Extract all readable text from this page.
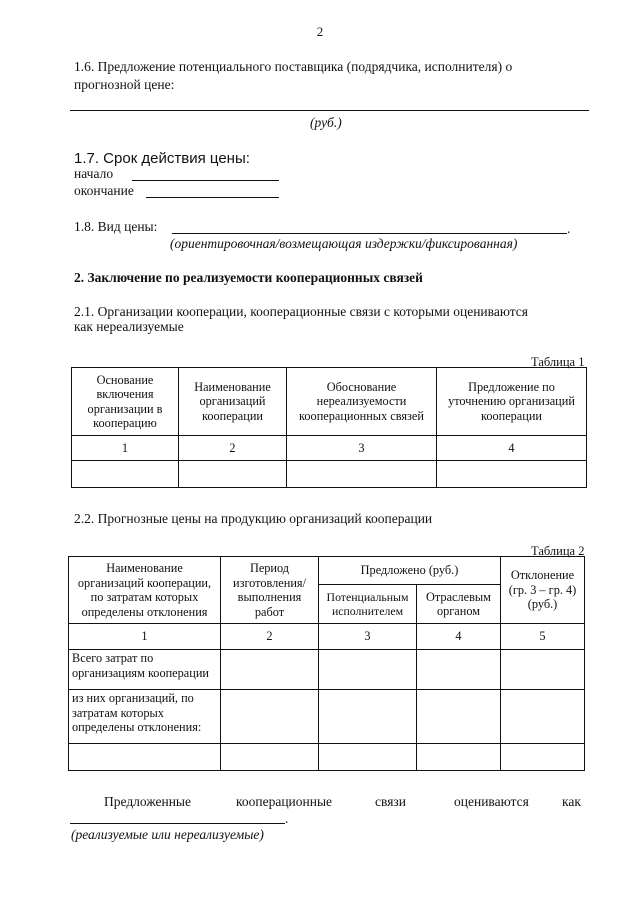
2
1.6. Предложение потенциального поставщика (подрядчика, исполнителя) о
прогнозной цене:
(руб.)
1.7. Срок действия цены:
начало
окончание
1.8. Вид цены:	.
(ориентировочная/возмещающая издержки/фиксированная)
2. Заключение по реализуемости кооперационных связей
2.1. Организации кооперации, кооперационные связи с которыми оцениваются
как нереализуемые
Таблица 1
Основание включения организации в кооперацию	Наименование организаций кооперации	Обоснование нереализуемости кооперационных связей	Предложение по уточнению организаций кооперации
1	2	3	4

2.2. Прогнозные цены на продукцию организаций кооперации
Таблица 2
Наименование организаций кооперации, по затратам которых определены отклонения	Период изготовления/ выполнения работ	Предложено (руб.)		Отклонение (гр. 3 – гр. 4) (руб.)
		Потенциальным исполнителем	Отраслевым органом	
1	2	3	4	5
Всего затрат по организациям кооперации				
из них организаций, по затратам которых определены отклонения:				

Предложенные	кооперационные	связи	оцениваются как
.
(реализуемые или нереализуемые)
